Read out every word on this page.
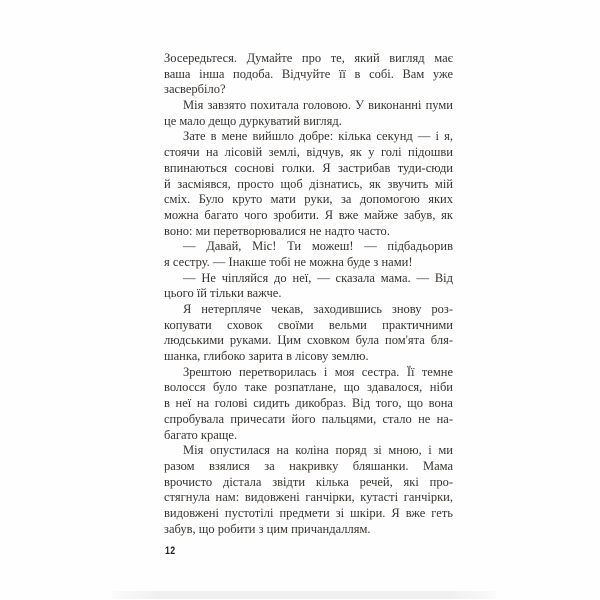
Зосередьтеся. Думайте про те, який вигляд має
ваша інша подоба. Відчуйте її в собі. Вам уже
засвербіло?
Мія завзято похитала головою. У виконанні пуми
це мало дещо дуркуватий вигляд.
Зате в мене вийшло добре: кілька секунд — і я,
стоячи на лісовій землі, відчув, як у голі підошви
впинаються соснові голки. Я застрибав туди-сюди
й засміявся, просто щоб дізнатись, як звучить мій
сміх. Було круто мати руки, за допомогою яких
можна багато чого зробити. Я вже майже забув, як
воно: ми перетворювалися не надто часто.
— Давай, Міс! Ти можеш! — підбадьорив
я сестру. — Інакше тобі не можна буде з нами!
— Не чіпляйся до неї, — сказала мама. — Від
цього їй тільки важче.
Я нетерпляче чекав, заходившись знову роз-
копувати сховок своїми вельми практичними
людськими руками. Цим сховком була пом'ята бля-
шанка, глибоко зарита в лісову землю.
Зрештою перетворилась і моя сестра. Її темне
волосся було таке розпатлане, що здавалося, ніби
в неї на голові сидить дикобраз. Від того, що вона
спробувала причесати його пальцями, стало не на-
багато краще.
Мія опустилася на коліна поряд зі мною, і ми
разом взялися за накривку бляшанки. Мама
врочисто дістала звідти кілька речей, які про-
стягнула нам: видовжені ганчірки, кутасті ганчірки,
видовжені пустотілі предмети зі шкіри. Я вже геть
забув, що робити з цим причандаллям.
12
